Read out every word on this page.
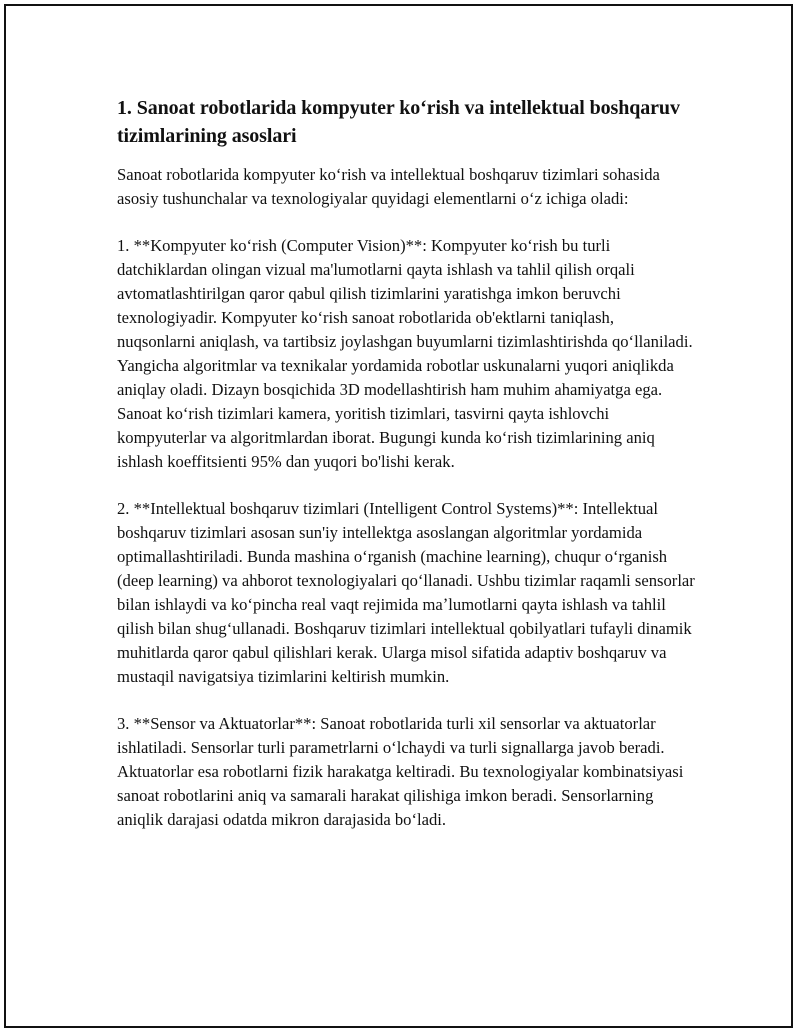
1. Sanoat robotlarida kompyuter koʻrish va intellektual boshqaruv tizimlarining asoslari

Sanoat robotlarida kompyuter koʻrish va intellektual boshqaruv tizimlari sohasida asosiy tushunchalar va texnologiyalar quyidagi elementlarni oʻz ichiga oladi:

1. **Kompyuter koʻrish (Computer Vision)**: Kompyuter koʻrish bu turli datchiklardan olingan vizual ma'lumotlarni qayta ishlash va tahlil qilish orqali avtomatlashtirilgan qaror qabul qilish tizimlarini yaratishga imkon beruvchi texnologiyadir. Kompyuter koʻrish sanoat robotlarida ob'ektlarni taniqlash, nuqsonlarni aniqlash, va tartibsiz joylashgan buyumlarni tizimlashtirishda qoʻllaniladi. Yangicha algoritmlar va texnikalar yordamida robotlar uskunalarni yuqori aniqlikda aniqlay oladi. Dizayn bosqichida 3D modellashtirish ham muhim ahamiyatga ega. Sanoat koʻrish tizimlari kamera, yoritish tizimlari, tasvirni qayta ishlovchi kompyuterlar va algoritmlardan iborat. Bugungi kunda koʻrish tizimlarining aniq ishlash koeffitsienti 95% dan yuqori bo'lishi kerak.

2. **Intellektual boshqaruv tizimlari (Intelligent Control Systems)**: Intellektual boshqaruv tizimlari asosan sun'iy intellektga asoslangan algoritmlar yordamida optimallashtiriladi. Bunda mashina oʻrganish (machine learning), chuqur oʻrganish (deep learning) va ahborot texnologiyalari qoʻllanadi. Ushbu tizimlar raqamli sensorlar bilan ishlaydi va koʻpincha real vaqt rejimida maʼlumotlarni qayta ishlash va tahlil qilish bilan shugʻullanadi. Boshqaruv tizimlari intellektual qobilyatlari tufayli dinamik muhitlarda qaror qabul qilishlari kerak. Ularga misol sifatida adaptiv boshqaruv va mustaqil navigatsiya tizimlarini keltirish mumkin.

3. **Sensor va Aktuatorlar**: Sanoat robotlarida turli xil sensorlar va aktuatorlar ishlatiladi. Sensorlar turli parametrlarni oʻlchaydi va turli signallarga javob beradi. Aktuatorlar esa robotlarni fizik harakatga keltiradi. Bu texnologiyalar kombinatsiyasi sanoat robotlarini aniq va samarali harakat qilishiga imkon beradi. Sensorlarning aniqlik darajasi odatda mikron darajasida boʻladi.
